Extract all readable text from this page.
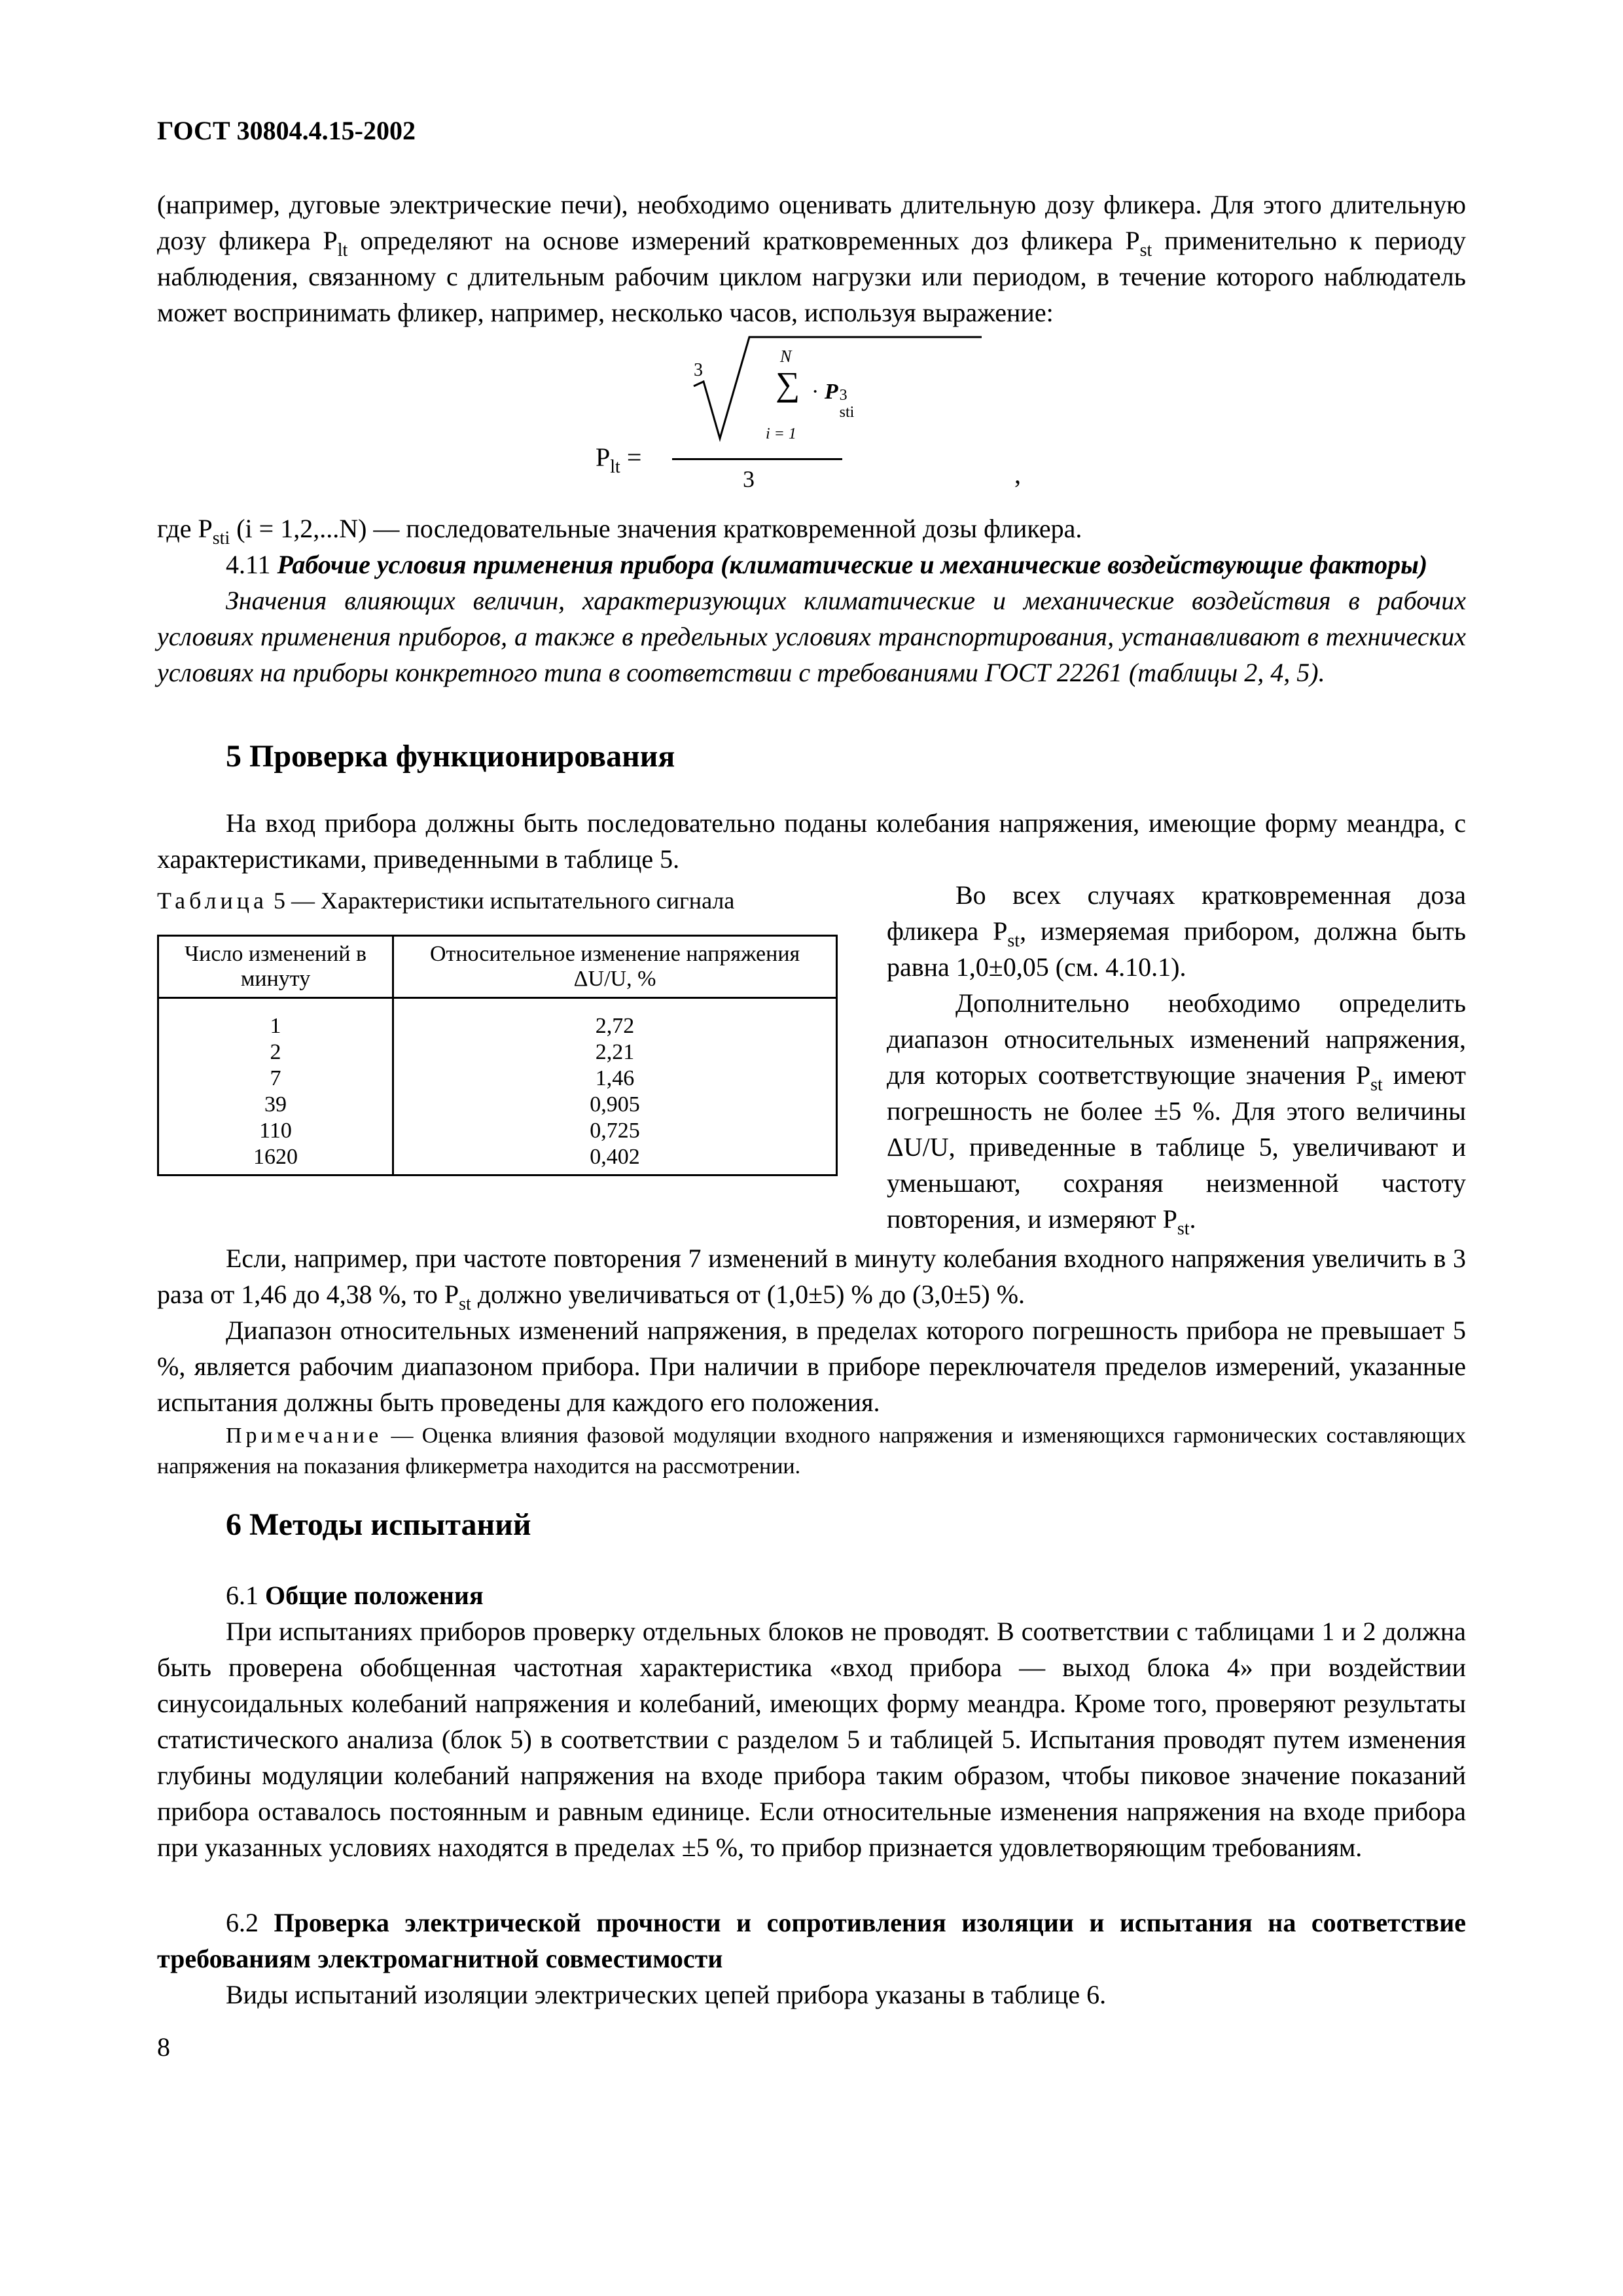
ГОСТ 30804.4.15-2002

(например, дуговые электрические печи), необходимо оценивать длительную дозу фликера. Для этого длительную дозу фликера $P_{lt}$ определяют на основе измерений кратковременных доз фликера $P_{st}$ применительно к периоду наблюдения, связанному с длительным рабочим циклом нагрузки или периодом, в течение которого наблюдатель может воспринимать фликер, например, несколько часов, используя выражение:

3
N
∑
i = 1
· P 3
sti
$P_{lt}$ =
3	,

где $P_{sti}$ (i = 1,2,...N) — последовательные значения кратковременной дозы фликера.

4.11 Рабочие условия применения прибора (климатические и механические воздействующие факторы)

Значения влияющих величин, характеризующих климатические и механические воздействия в рабочих условиях применения приборов, а также в предельных условиях транспортирования, устанавливают в технических условиях на приборы конкретного типа в соответствии с требованиями ГОСТ 22261 (таблицы 2, 4, 5).

5 Проверка функционирования

На вход прибора должны быть последовательно поданы колебания напряжения, имеющие форму меандра, с характеристиками, приведенными в таблице 5.

Таблица 5 — Характеристики испытательного сигнала
Число изменений в минуту	Относительное изменение напряжения ΔU/U, %
1	2,72
2	2,21
7	1,46
39	0,905
110	0,725
1620	0,402

Во всех случаях кратковременная доза фликера $P_{st}$, измеряемая прибором, должна быть равна 1,0±0,05 (см. 4.10.1).

Дополнительно необходимо определить диапазон относительных изменений напряжения, для которых соответствующие значения $P_{st}$ имеют погрешность не более ±5 %. Для этого величины ΔU/U, приведенные в таблице 5, увеличивают и уменьшают, сохраняя неизменной частоту повторения, и измеряют $P_{st}$.

Если, например, при частоте повторения 7 изменений в минуту колебания входного напряжения увеличить в 3 раза от 1,46 до 4,38 %, то $P_{st}$ должно увеличиваться от (1,0±5) % до (3,0±5) %.

Диапазон относительных изменений напряжения, в пределах которого погрешность прибора не превышает 5 %, является рабочим диапазоном прибора. При наличии в приборе переключателя пределов измерений, указанные испытания должны быть проведены для каждого его положения.

Примечание — Оценка влияния фазовой модуляции входного напряжения и изменяющихся гармонических составляющих напряжения на показания фликерметра находится на рассмотрении.

6 Методы испытаний

6.1 Общие положения

При испытаниях приборов проверку отдельных блоков не проводят. В соответствии с таблицами 1 и 2 должна быть проверена обобщенная частотная характеристика «вход прибора — выход блока 4» при воздействии синусоидальных колебаний напряжения и колебаний, имеющих форму меандра. Кроме того, проверяют результаты статистического анализа (блок 5) в соответствии с разделом 5 и таблицей 5. Испытания проводят путем изменения глубины модуляции колебаний напряжения на входе прибора таким образом, чтобы пиковое значение показаний прибора оставалось постоянным и равным единице. Если относительные изменения напряжения на входе прибора при указанных условиях находятся в пределах ±5 %, то прибор признается удовлетворяющим требованиям.

6.2 Проверка электрической прочности и сопротивления изоляции и испытания на соответствие требованиям электромагнитной совместимости

Виды испытаний изоляции электрических цепей прибора указаны в таблице 6.

8
